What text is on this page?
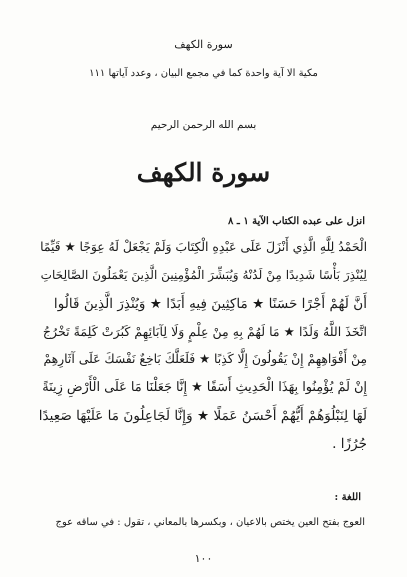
سورة الكهف
مكية الا آية واحدة كما في مجمع البيان ، وعدد آياتها ١١١
بسم الله الرحمن الرحيم
سورة الكهف
انزل على عبده الكتاب الآية ١ ـ ٨
الْحَمْدُ لِلَّهِ الَّذِي أَنْزَلَ عَلَى عَبْدِهِ الْكِتَابَ وَلَمْ يَجْعَلْ لَهُ عِوَجًا ★ قَيِّمًا
لِيُنْذِرَ بَأْسًا شَدِيدًا مِنْ لَدُنْهُ وَيُبَشِّرَ الْمُؤْمِنِينَ الَّذِينَ يَعْمَلُونَ الصَّالِحَاتِ
أَنَّ لَهُمْ أَجْرًا حَسَنًا ★ مَاكِثِينَ فِيهِ أَبَدًا ★ وَيُنْذِرَ الَّذِينَ قَالُوا
اتَّخَذَ اللَّهُ وَلَدًا ★ مَا لَهُمْ بِهِ مِنْ عِلْمٍ وَلَا لِآبَائِهِمْ كَبُرَتْ كَلِمَةً تَخْرُجُ
مِنْ أَفْوَاهِهِمْ إِنْ يَقُولُونَ إِلَّا كَذِبًا ★ فَلَعَلَّكَ بَاخِعٌ نَفْسَكَ عَلَى آثَارِهِمْ
إِنْ لَمْ يُؤْمِنُوا بِهَذَا الْحَدِيثِ أَسَفًا ★ إِنَّا جَعَلْنَا مَا عَلَى الْأَرْضِ زِينَةً
لَهَا لِنَبْلُوَهُمْ أَيُّهُمْ أَحْسَنُ عَمَلًا ★ وَإِنَّا لَجَاعِلُونَ مَا عَلَيْهَا صَعِيدًا
جُرُزًا .
اللغة :
العوج بفتح العين يختص بالاعيان ، وبكسرها بالمعاني ، تقول : في ساقه عوج
١٠٠
